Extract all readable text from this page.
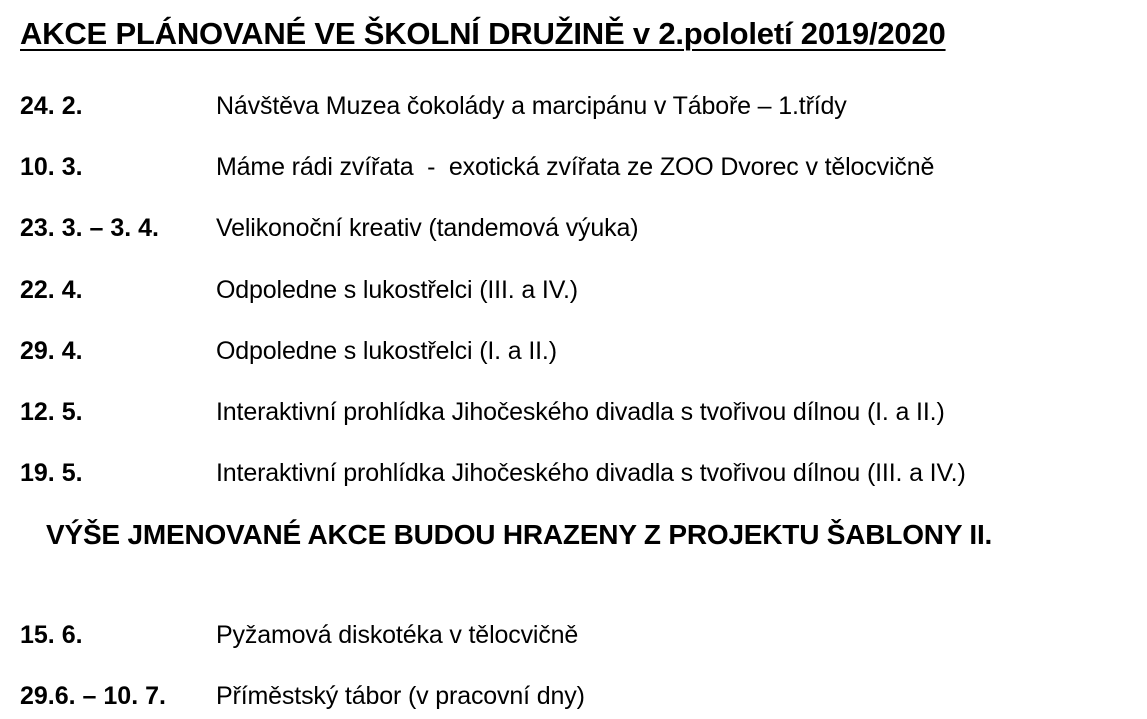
AKCE PLÁNOVANÉ VE ŠKOLNÍ DRUŽINĚ v 2.pololetí 2019/2020
24. 2.	Návštěva Muzea čokolády a marcipánu v Táboře – 1.třídy
10. 3.	Máme rádi zvířata  -  exotická zvířata ze ZOO Dvorec v tělocvičně
23. 3. – 3. 4. Velikonoční kreativ (tandemová výuka)
22. 4.	Odpoledne s lukostřelci (III. a IV.)
29. 4.	Odpoledne s lukostřelci (I. a II.)
12. 5.	Interaktivní prohlídka Jihočeského divadla s tvořivou dílnou (I. a II.)
19. 5.	Interaktivní prohlídka Jihočeského divadla s tvořivou dílnou (III. a IV.)
VÝŠE JMENOVANÉ AKCE BUDOU HRAZENY Z PROJEKTU ŠABLONY II.
15. 6.	Pyžamová diskotéka v tělocvičně
29.6. – 10. 7. Příměstský tábor (v pracovní dny)
